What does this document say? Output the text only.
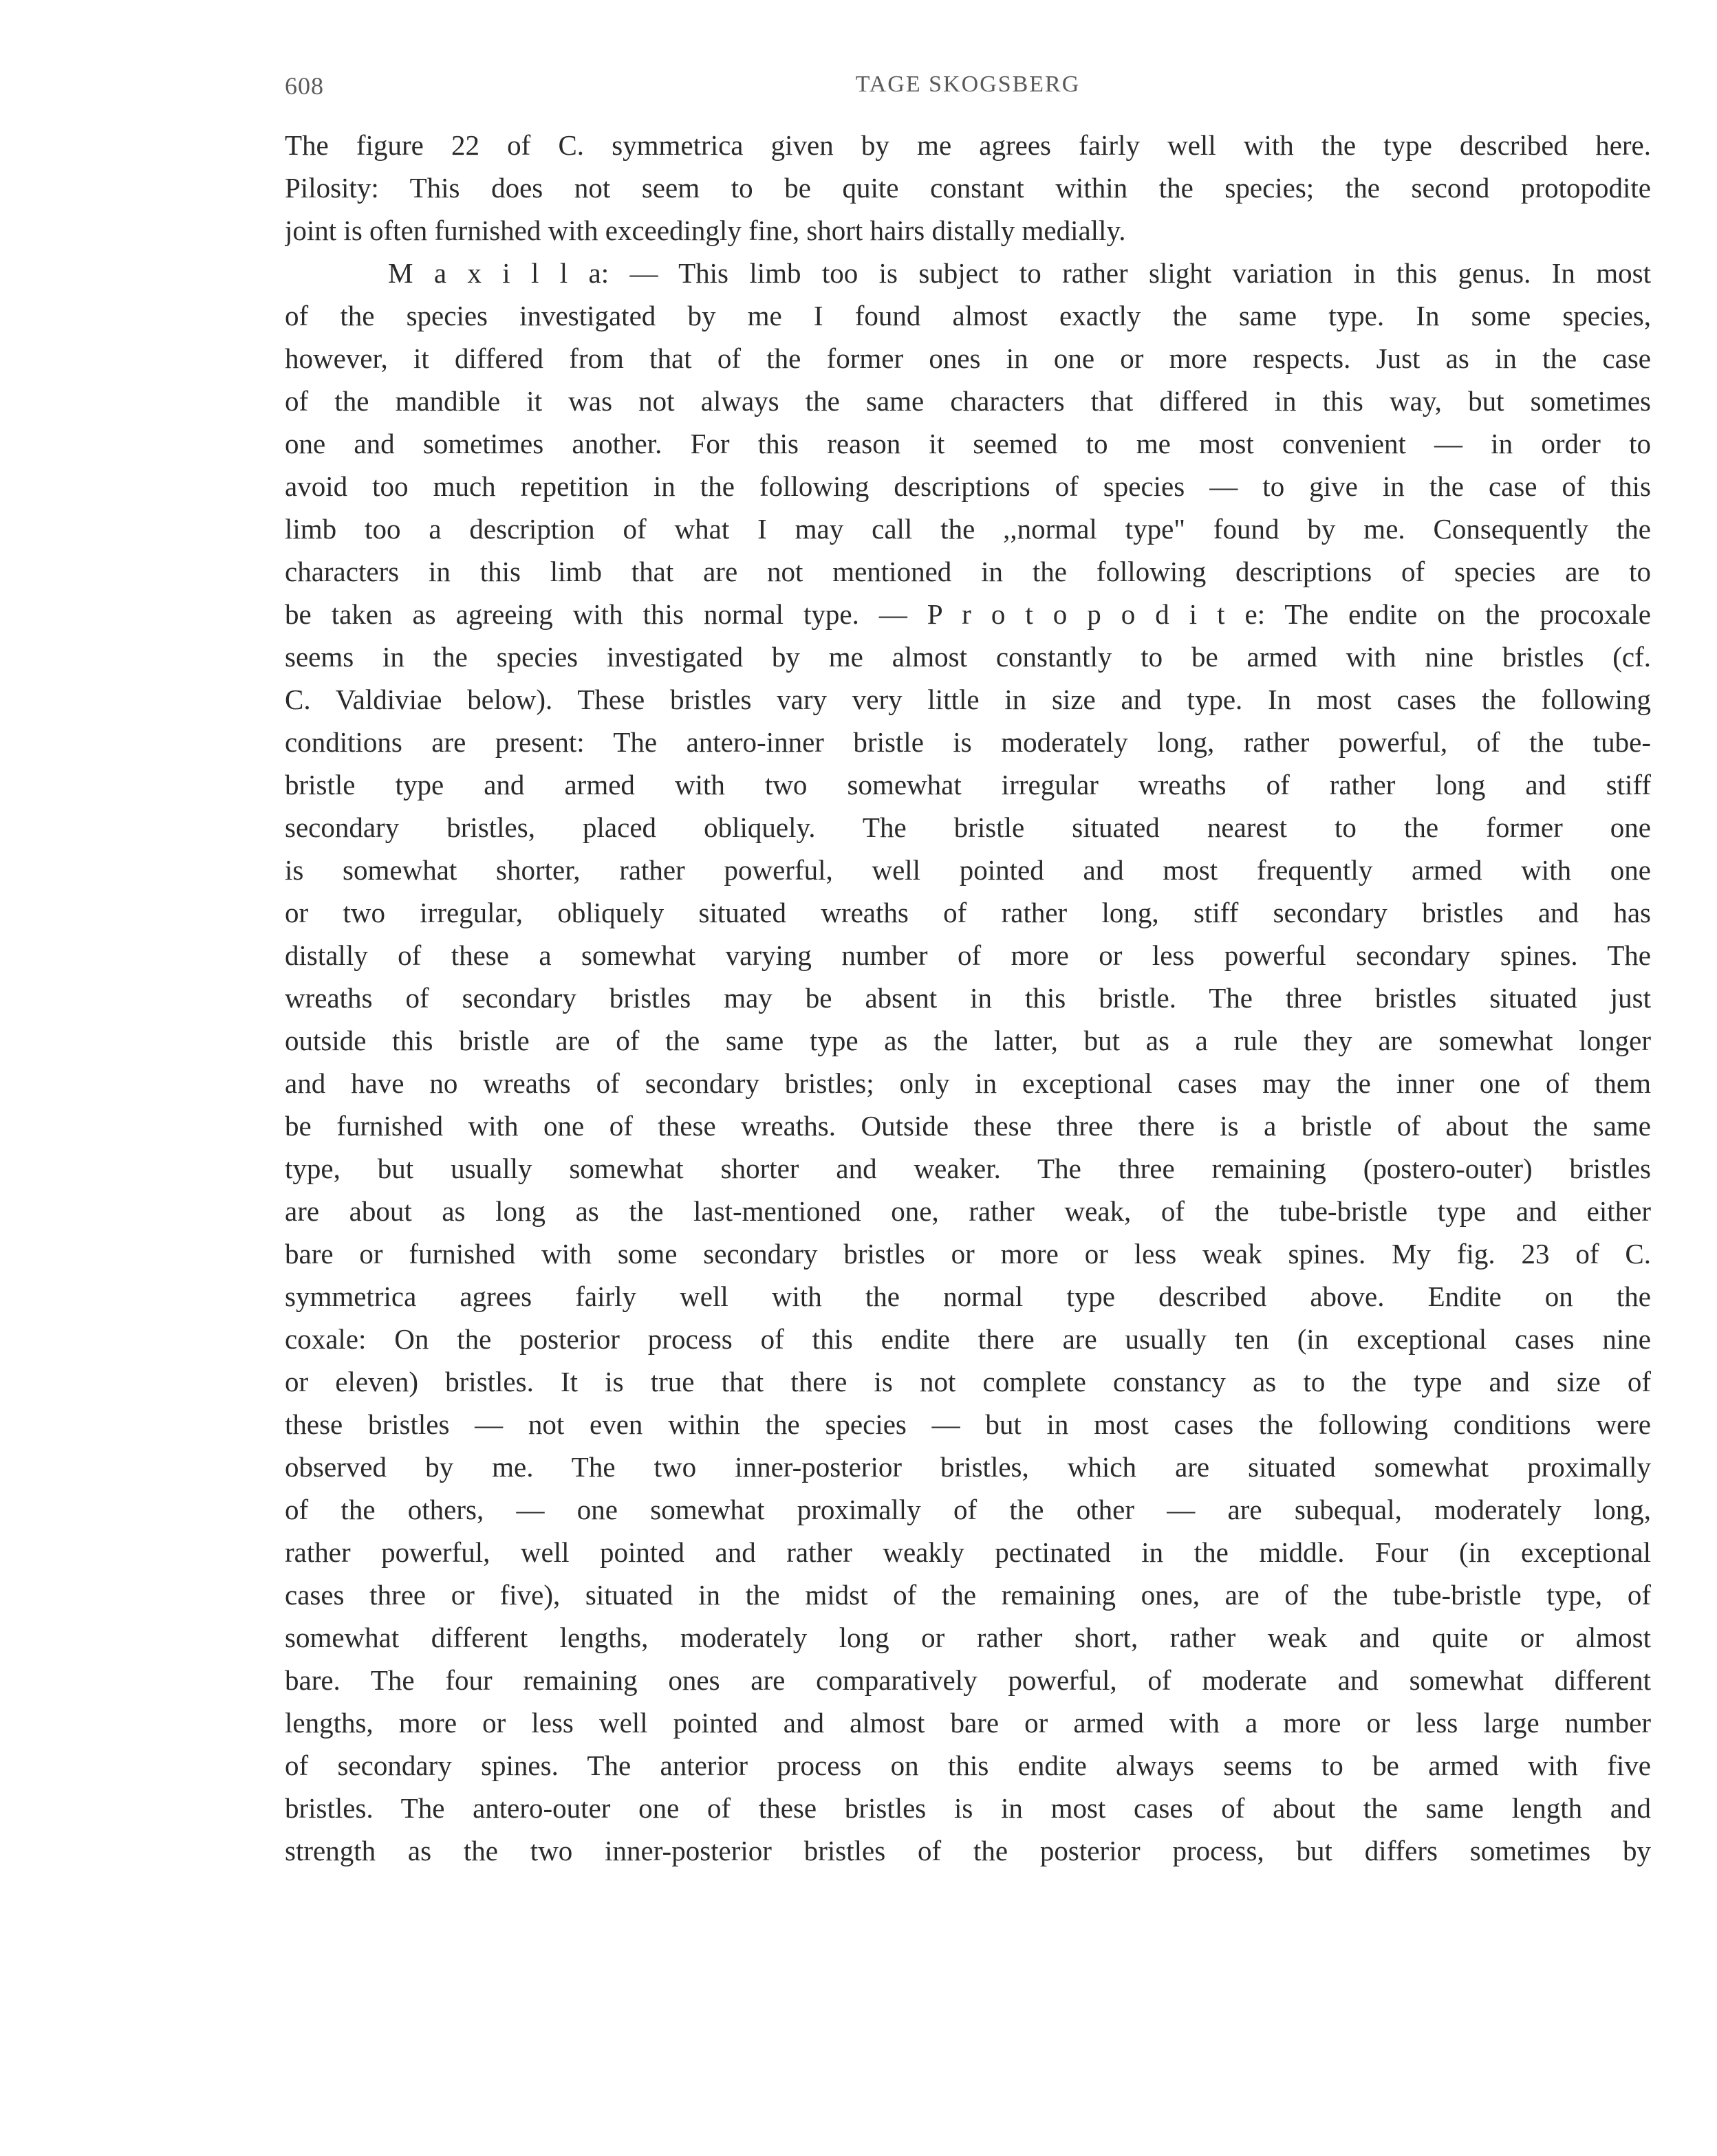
608	TAGE SKOGSBERG
The figure 22 of C. symmetrica given by me agrees fairly well with the type described here.
Pilosity: This does not seem to be quite constant within the species; the second protopodite
joint is often furnished with exceedingly fine, short hairs distally medially.
M a x i l l a: — This limb too is subject to rather slight variation in this genus. In most
of the species investigated by me I found almost exactly the same type. In some species,
however, it differed from that of the former ones in one or more respects. Just as in the case
of the mandible it was not always the same characters that differed in this way, but sometimes
one and sometimes another. For this reason it seemed to me most convenient — in order to
avoid too much repetition in the following descriptions of species — to give in the case of this
limb too a description of what I may call the ,,normal type" found by me. Consequently the
characters in this limb that are not mentioned in the following descriptions of species are to
be taken as agreeing with this normal type. — P r o t o p o d i t e: The endite on the procoxale
seems in the species investigated by me almost constantly to be armed with nine bristles (cf.
C. Valdiviae below). These bristles vary very little in size and type. In most cases the following
conditions are present: The antero-inner bristle is moderately long, rather powerful, of the tube-
bristle type and armed with two somewhat irregular wreaths of rather long and stiff
secondary bristles, placed obliquely. The bristle situated nearest to the former one
is somewhat shorter, rather powerful, well pointed and most frequently armed with one
or two irregular, obliquely situated wreaths of rather long, stiff secondary bristles and has
distally of these a somewhat varying number of more or less powerful secondary spines. The
wreaths of secondary bristles may be absent in this bristle. The three bristles situated just
outside this bristle are of the same type as the latter, but as a rule they are somewhat longer
and have no wreaths of secondary bristles; only in exceptional cases may the inner one of them
be furnished with one of these wreaths. Outside these three there is a bristle of about the same
type, but usually somewhat shorter and weaker. The three remaining (postero-outer) bristles
are about as long as the last-mentioned one, rather weak, of the tube-bristle type and either
bare or furnished with some secondary bristles or more or less weak spines. My fig. 23 of C.
symmetrica agrees fairly well with the normal type described above. Endite on the
coxale: On the posterior process of this endite there are usually ten (in exceptional cases nine
or eleven) bristles. It is true that there is not complete constancy as to the type and size of
these bristles — not even within the species — but in most cases the following conditions were
observed by me. The two inner-posterior bristles, which are situated somewhat proximally
of the others, — one somewhat proximally of the other — are subequal, moderately long,
rather powerful, well pointed and rather weakly pectinated in the middle. Four (in exceptional
cases three or five), situated in the midst of the remaining ones, are of the tube-bristle type, of
somewhat different lengths, moderately long or rather short, rather weak and quite or almost
bare. The four remaining ones are comparatively powerful, of moderate and somewhat different
lengths, more or less well pointed and almost bare or armed with a more or less large number
of secondary spines. The anterior process on this endite always seems to be armed with five
bristles. The antero-outer one of these bristles is in most cases of about the same length and
strength as the two inner-posterior bristles of the posterior process, but differs sometimes by
